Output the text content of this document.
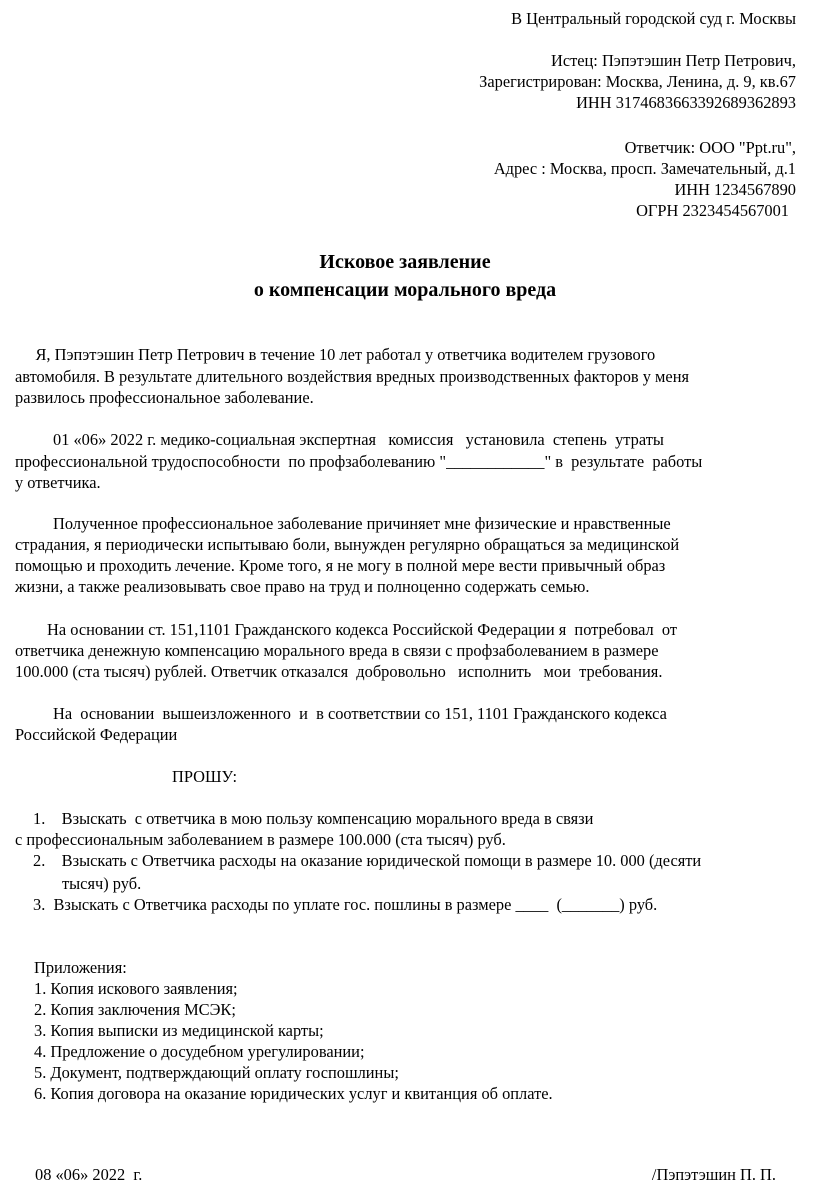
В Центральный городской суд г. Москвы
Истец: Пэпэтэшин Петр Петрович,
Зарегистрирован: Москва, Ленина, д. 9, кв.67
ИНН 3174683663392689362893
Ответчик: ООО "Ppt.ru",
Адрес : Москва, просп. Замечательный, д.1
ИНН 1234567890
ОГРН 2323454567001
Исковое заявление
о компенсации морального вреда
Я, Пэпэтэшин Петр Петрович в течение 10 лет работал у ответчика водителем грузового
автомобиля. В результате длительного воздействия вредных производственных факторов у меня
развилось профессиональное заболевание.
01 «06» 2022 г. медико-социальная экспертная   комиссия   установила  степень  утраты
профессиональной трудоспособности  по профзаболеванию "____________" в  результате  работы
у ответчика.
Полученное профессиональное заболевание причиняет мне физические и нравственные
страдания, я периодически испытываю боли, вынужден регулярно обращаться за медицинской
помощью и проходить лечение. Кроме того, я не могу в полной мере вести привычный образ
жизни, а также реализовывать свое право на труд и полноценно содержать семью.
На основании ст. 151,1101 Гражданского кодекса Российской Федерации я  потребовал  от
ответчика денежную компенсацию морального вреда в связи с профзаболеванием в размере
100.000 (ста тысяч) рублей. Ответчик отказался  добровольно   исполнить   мои  требования.
На  основании  вышеизложенного  и  в соответствии со 151, 1101 Гражданского кодекса
Российской Федерации
ПРОШУ:
1.    Взыскать  с ответчика в мою пользу компенсацию морального вреда в связи
с профессиональным заболеванием в размере 100.000 (ста тысяч) руб.
2.    Взыскать с Ответчика расходы на оказание юридической помощи в размере 10. 000 (десяти
тысяч) руб.
3.  Взыскать с Ответчика расходы по уплате гос. пошлины в размере ____  (_______) руб.
Приложения:
1. Копия искового заявления;
2. Копия заключения МСЭК;
3. Копия выписки из медицинской карты;
4. Предложение о досудебном урегулировании;
5. Документ, подтверждающий оплату госпошлины;
6. Копия договора на оказание юридических услуг и квитанция об оплате.
08 «06» 2022  г.	/Пэпэтэшин П. П.
